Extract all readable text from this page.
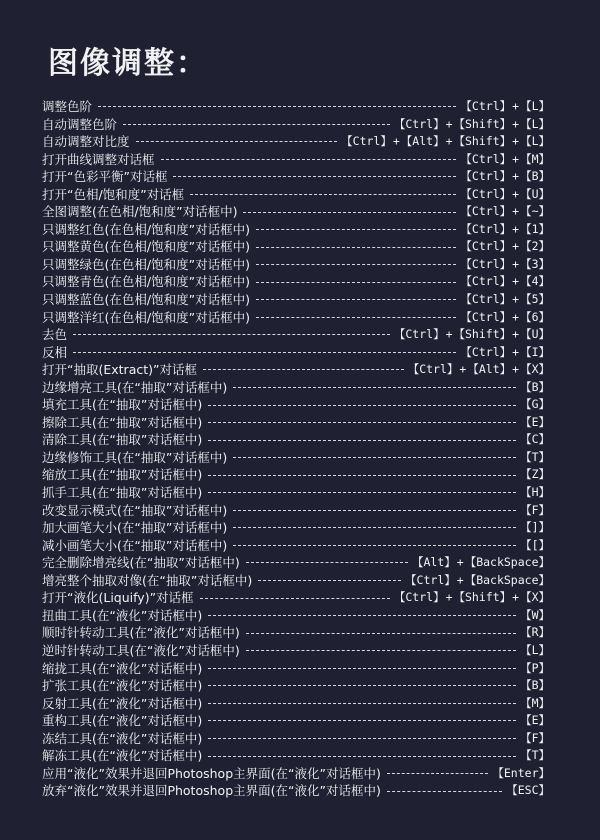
图像调整：
调整色阶	【 Ctrl 】 + 【 L 】
自动调整色阶	【 Ctrl 】 + 【 Shift 】 + 【 L 】
自动调整对比度	【 Ctrl 】 + 【 Alt 】 + 【 Shift 】 + 【 L 】
打开曲线调整对话框	【 Ctrl 】 + 【 M 】
打开“色彩平衡”对话框	【 Ctrl 】 + 【 B 】
打开“色相/饱和度”对话框	【 Ctrl 】 + 【 U 】
全图调整(在色相/饱和度”对话框中)	【 Ctrl 】 + 【 ~ 】
只调整红色(在色相/饱和度”对话框中)	【 Ctrl 】 + 【 1 】
只调整黄色(在色相/饱和度”对话框中)	【 Ctrl 】 + 【 2 】
只调整绿色(在色相/饱和度”对话框中)	【 Ctrl 】 + 【 3 】
只调整青色(在色相/饱和度”对话框中)	【 Ctrl 】 + 【 4 】
只调整蓝色(在色相/饱和度”对话框中)	【 Ctrl 】 + 【 5 】
只调整洋红(在色相/饱和度”对话框中)	【 Ctrl 】 + 【 6 】
去色	【 Ctrl 】 + 【 Shift 】 + 【 U 】
反相	【 Ctrl 】 + 【 I 】
打开“抽取(Extract)”对话框	【 Ctrl 】 + 【 Alt 】 + 【 X 】
边缘增亮工具(在“抽取”对话框中)	【 B 】
填充工具(在“抽取”对话框中)	【 G 】
擦除工具(在“抽取”对话框中)	【 E 】
清除工具(在“抽取”对话框中)	【 C 】
边缘修饰工具(在“抽取”对话框中)	【 T 】
缩放工具(在“抽取”对话框中)	【 Z 】
抓手工具(在“抽取”对话框中)	【 H 】
改变显示模式(在“抽取”对话框中)	【 F 】
加大画笔大小(在“抽取”对话框中)	【 ] 】
减小画笔大小(在“抽取”对话框中)	【 [ 】
完全删除增亮线(在“抽取”对话框中)	【 Alt 】 + 【 BackSpace 】
增亮整个抽取对像(在“抽取”对话框中)	【 Ctrl 】 + 【 BackSpace 】
打开“液化(Liquify)”对话框	【 Ctrl 】 + 【 Shift 】 + 【 X 】
扭曲工具(在“液化”对话框中)	【 W 】
顺时针转动工具(在“液化”对话框中)	【 R 】
逆时针转动工具(在“液化”对话框中)	【 L 】
缩拢工具(在“液化”对话框中)	【 P 】
扩张工具(在“液化”对话框中)	【 B 】
反射工具(在“液化”对话框中)	【 M 】
重构工具(在“液化”对话框中)	【 E 】
冻结工具(在“液化”对话框中)	【 F 】
解冻工具(在“液化”对话框中)	【 T 】
应用“液化”效果并退回Photoshop主界面(在“液化”对话框中)	【 Enter 】
放弃“液化”效果并退回Photoshop主界面(在“液化”对话框中)	【 ESC 】
